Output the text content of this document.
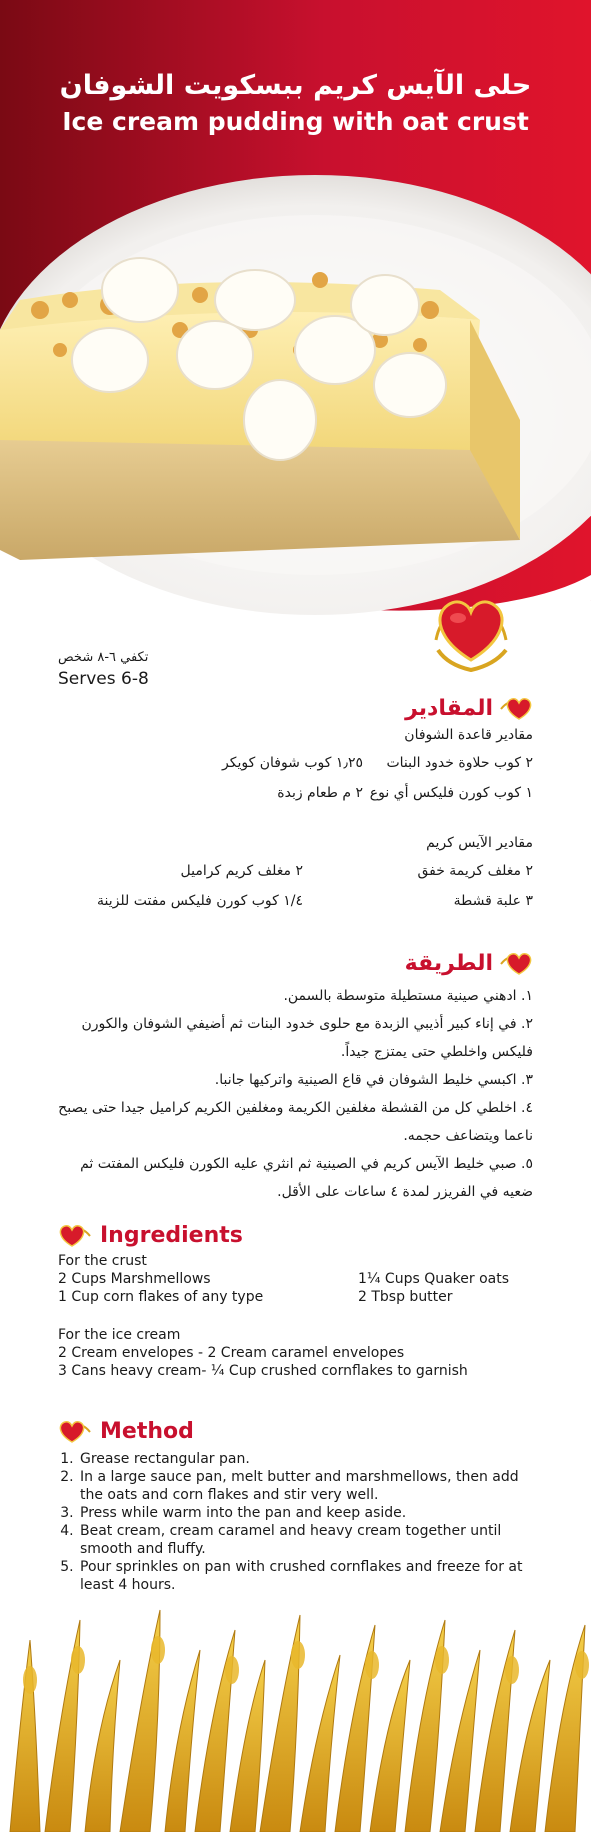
حلى الآيس كريم ببسكويت الشوفان
Ice cream pudding with oat crust
تكفي ٦-٨ شخص
Serves 6-8
المقادير
مقادير قاعدة الشوفان
٢ كوب حلاوة خدود البنات
١٫٢٥ كوب شوفان كويكر
١ كوب كورن فليكس أي نوع
٢ م طعام زبدة
مقادير الآيس كريم
٢ مغلف كريمة خفق
٢ مغلف كريم كراميل
٣ علبة قشطة
١/٤ كوب كورن فليكس مفتت للزينة
الطريقة

١. ادهني صينية مستطيلة متوسطة بالسمن.

٢. في إناء كبير أذيبي الزبدة مع حلوى خدود البنات ثم أضيفي الشوفان والكورن فليكس واخلطي حتى يمتزج جيداً.

٣. اكبسي خليط الشوفان في قاع الصينية واتركيها جانبا.

٤. اخلطي كل من القشطة مغلفين الكريمة ومغلفين الكريم كراميل جيدا حتى يصبح ناعما ويتضاعف حجمه.

٥. صبي خليط الآيس كريم في الصينية ثم انثري عليه الكورن فليكس المفتت ثم ضعيه في الفريزر لمدة ٤ ساعات على الأقل.

Ingredients
For the crust
2 Cups Marshmellows	1¼ Cups Quaker oats
1 Cup corn flakes of any type	2 Tbsp butter
For the ice cream
2 Cream envelopes - 2 Cream caramel envelopes
3 Cans heavy cream- ¼ Cup crushed cornflakes to garnish
Method
1. Grease rectangular pan.
2. In a large sauce pan, melt butter and marshmellows, then add the oats and corn flakes and stir very well.
3. Press while warm into the pan and keep aside.
4. Beat cream, cream caramel and heavy cream together until smooth and fluffy.
5. Pour sprinkles on pan with crushed cornflakes and freeze for at least 4 hours.
